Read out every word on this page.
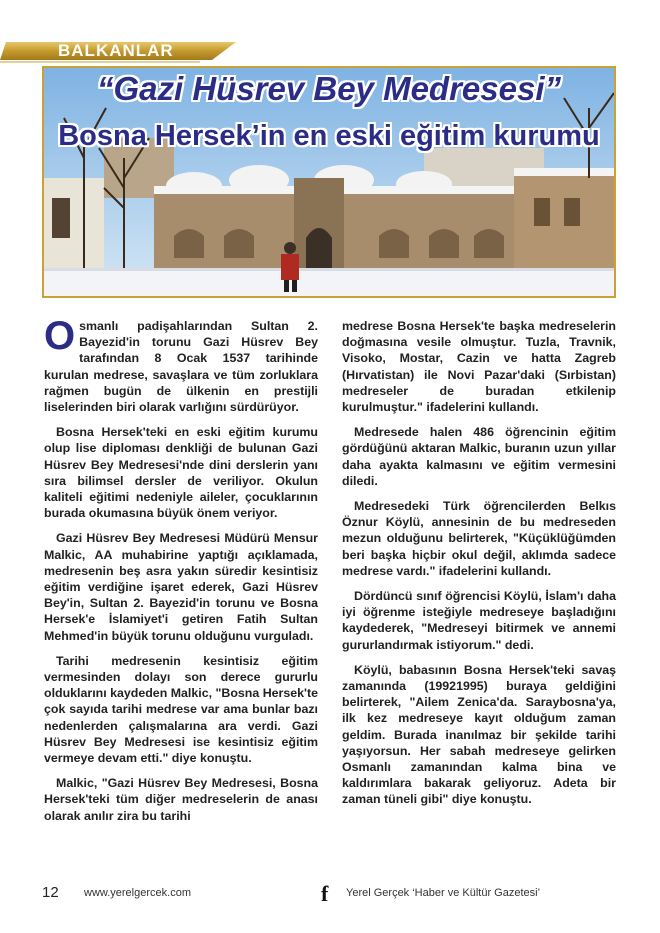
BALKANLAR
“Gazi Hüsrev Bey Medresesi”
Bosna Hersek’in en eski eğitim kurumu

Osmanlı padişahlarından Sultan 2. Bayezid'in torunu Gazi Hüsrev Bey tarafından 8 Ocak 1537 tarihinde kurulan medrese, savaşlara ve tüm zorluklara rağmen bugün de ülkenin en prestijli liselerinden biri olarak varlığını sürdürüyor.

Bosna Hersek'teki en eski eğitim kurumu olup lise diploması denkliği de bulunan Gazi Hüsrev Bey Medresesi'nde dini derslerin yanı sıra bilimsel dersler de veriliyor. Okulun kaliteli eğitimi nedeniyle aileler, çocuklarının burada okumasına büyük önem veriyor.

Gazi Hüsrev Bey Medresesi Müdürü Mensur Malkic, AA muhabirine yaptığı açıklamada, medresenin beş asra yakın süredir kesintisiz eğitim verdiğine işaret ederek, Gazi Hüsrev Bey'in, Sultan 2. Bayezid'in torunu ve Bosna Hersek'e İslamiyet'i getiren Fatih Sultan Mehmed'in büyük torunu olduğunu vurguladı.

Tarihi medresenin kesintisiz eğitim vermesinden dolayı son derece gururlu olduklarını kaydeden Malkic, "Bosna Hersek'te çok sayıda tarihi medrese var ama bunlar bazı nedenlerden çalışmalarına ara verdi. Gazi Hüsrev Bey Medresesi ise kesintisiz eğitim vermeye devam etti." diye konuştu.

Malkic, "Gazi Hüsrev Bey Medresesi, Bosna Hersek'teki tüm diğer medreselerin de anası olarak anılır zira bu tarihi

medrese Bosna Hersek'te başka medreselerin doğmasına vesile olmuştur. Tuzla, Travnik, Visoko, Mostar, Cazin ve hatta Zagreb (Hırvatistan) ile Novi Pazar'daki (Sırbistan) medreseler de buradan etkilenip kurulmuştur." ifadelerini kullandı.

Medresede halen 486 öğrencinin eğitim gördüğünü aktaran Malkic, buranın uzun yıllar daha ayakta kalmasını ve eğitim vermesini diledi.

Medresedeki Türk öğrencilerden Belkıs Öznur Köylü, annesinin de bu medreseden mezun olduğunu belirterek, "Küçüklüğümden beri başka hiçbir okul değil, aklımda sadece medrese vardı." ifadelerini kullandı.

Dördüncü sınıf öğrencisi Köylü, İslam'ı daha iyi öğrenme isteğiyle medreseye başladığını kaydederek, "Medreseyi bitirmek ve annemi gururlandırmak istiyorum." dedi.

Köylü, babasının Bosna Hersek'teki savaş zamanında (19921995) buraya geldiğini belirterek, "Ailem Zenica'da. Saraybosna'ya, ilk kez medreseye kayıt olduğum zaman geldim. Burada inanılmaz bir şekilde tarihi yaşıyorsun. Her sabah medreseye gelirken Osmanlı zamanından kalma bina ve kaldırımlara bakarak geliyoruz. Adeta bir zaman tüneli gibi" diye konuştu.

12 www.yerelgercek.com	f Yerel Gerçek ‘Haber ve Kültür Gazetesi’
